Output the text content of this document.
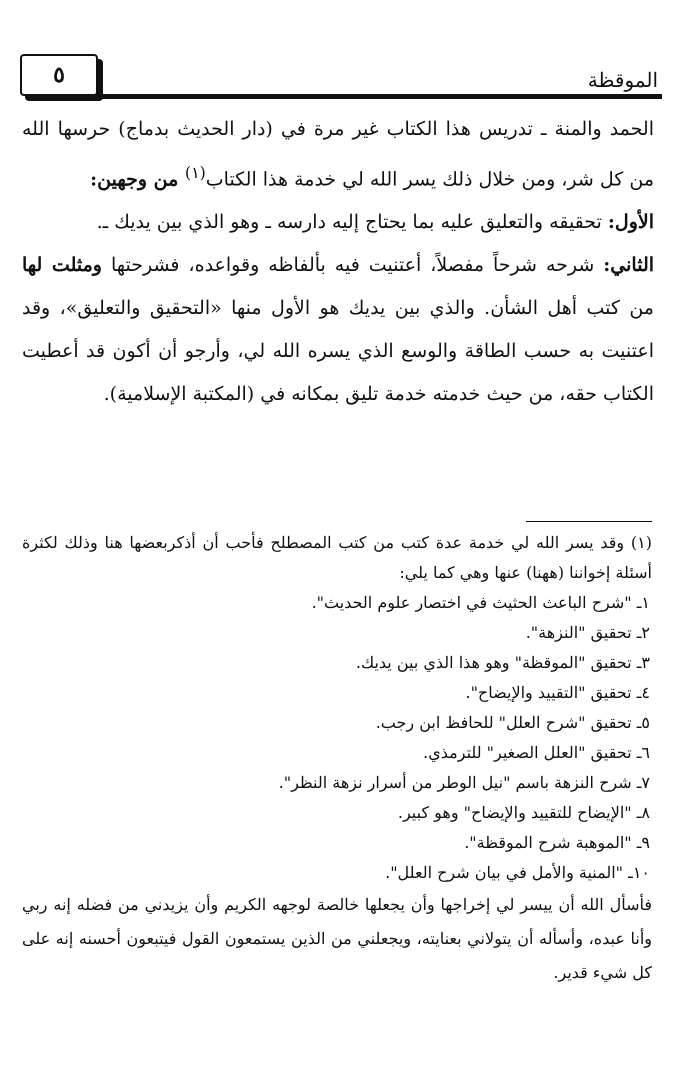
٥	الموقظة

الحمد والمنة ـ تدريس هذا الكتاب غير مرة في (دار الحديث بدماج) حرسها الله من كل شر، ومن خلال ذلك يسر الله لي خدمة هذا الكتاب$^{(١)}$ من وجهين:

الأول: تحقيقه والتعليق عليه بما يحتاج إليه دارسه ـ وهو الذي بين يديك ـ.

الثاني: شرحه شرحاً مفصلاً، أعتنيت فيه بألفاظه وقواعده، فشرحتها ومثلت لها من كتب أهل الشأن. والذي بين يديك هو الأول منها «التحقيق والتعليق»، وقد اعتنيت به حسب الطاقة والوسع الذي يسره الله لي، وأرجو أن أكون قد أعطيت الكتاب حقه، من حيث خدمته خدمة تليق بمكانه في (المكتبة الإسلامية).

(١) وقد يسر الله لي خدمة عدة كتب من كتب المصطلح فأحب أن أذكربعضها هنا وذلك لكثرة أسئلة إخواننا (ههنا) عنها وهي كما يلي:

١ـ "شرح الباعث الحثيث في اختصار علوم الحديث".
٢ـ تحقيق "النزهة".
٣ـ تحقيق "الموقظة" وهو هذا الذي بين يديك.
٤ـ تحقيق "التقييد والإيضاح".
٥ـ تحقيق "شرح العلل" للحافظ ابن رجب.
٦ـ تحقيق "العلل الصغير" للترمذي.
٧ـ شرح النزهة باسم "نيل الوطر من أسرار نزهة النظر".
٨ـ "الإيضاح للتقييد والإيضاح" وهو كبير.
٩ـ "الموهبة شرح الموقظة".
١٠ـ "المنية والأمل في بيان شرح العلل".

فأسأل الله أن ييسر لي إخراجها وأن يجعلها خالصة لوجهه الكريم وأن يزيدني من فضله إنه ربي وأنا عبده، وأسأله أن يتولاني بعنايته، ويجعلني من الذين يستمعون القول فيتبعون أحسنه إنه على كل شيء قدير.
